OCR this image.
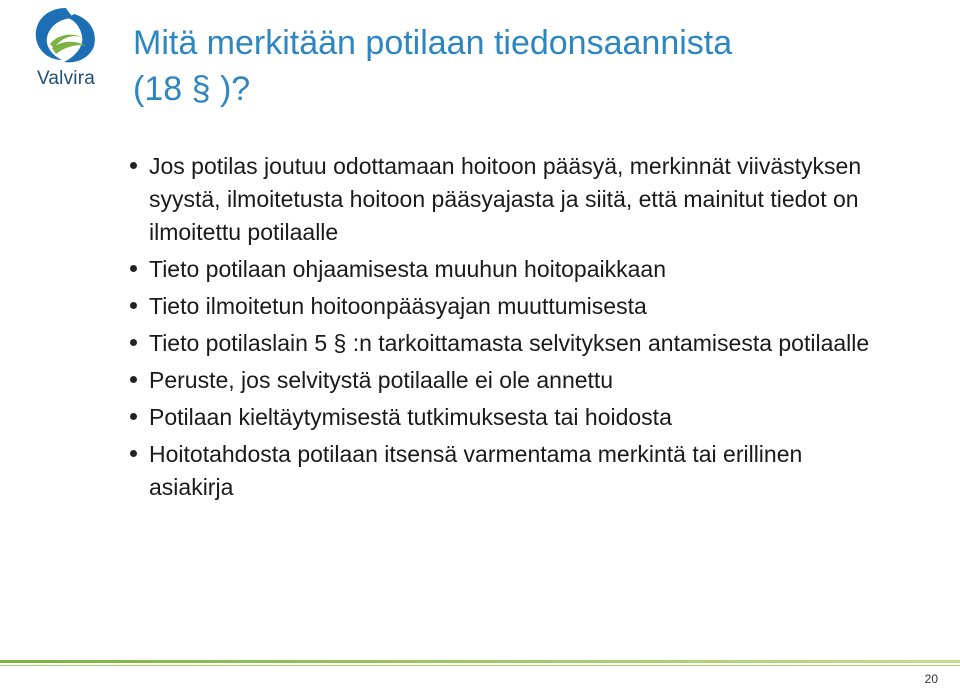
Valvira
Mitä merkitään potilaan tiedonsaannista
(18 § )?
Jos potilas joutuu odottamaan hoitoon pääsyä, merkinnät viivästyksen syystä, ilmoitetusta hoitoon pääsyajasta ja siitä, että mainitut tiedot on ilmoitettu potilaalle
Tieto potilaan ohjaamisesta muuhun hoitopaikkaan
Tieto ilmoitetun hoitoonpääsyajan muuttumisesta
Tieto potilaslain 5 § :n tarkoittamasta selvityksen antamisesta potilaalle
Peruste, jos selvitystä potilaalle ei ole annettu
Potilaan kieltäytymisestä tutkimuksesta tai hoidosta
Hoitotahdosta potilaan itsensä varmentama merkintä tai erillinen asiakirja
20
